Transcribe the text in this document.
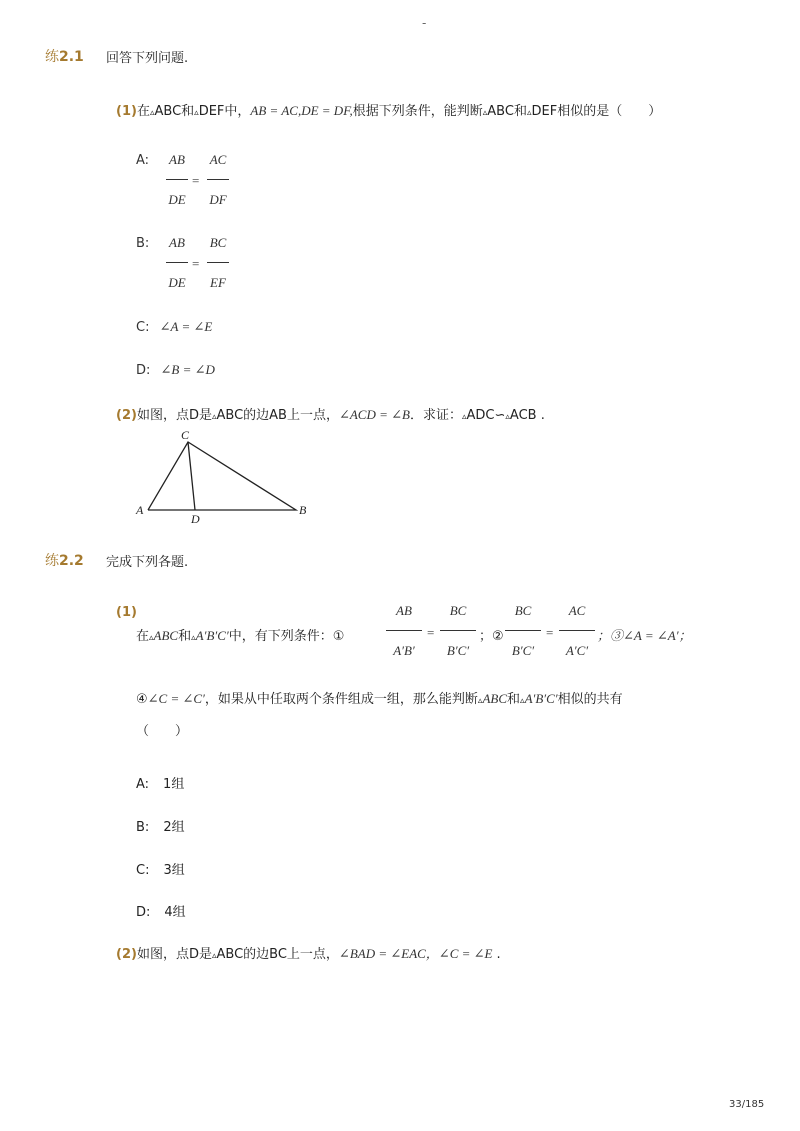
-
练2.1 回答下列问题.
(1)在▵ABC和▵DEF中，AB = AC,DE = DF,根据下列条件，能判断▵ABC和▵DEF相似的是（　　）
A: AB
DE
=
AC
DF
B: AB
DE
=
BC
EF
C: ∠A = ∠E
D: ∠B = ∠D
(2)如图，点D是▵ABC的边AB上一点，∠ACD = ∠B．求证：▵ADC∽▵ACB .
C
A
D
B
练2.2 完成下列各题.
(1)
在▵ABC和▵A′B′C′中，有下列条件：①
AB
A′B′
=
BC
B′C′
；②
BC
B′C′
=
AC
A′C′
；③∠A = ∠A′；
④∠C = ∠C′，如果从中任取两个条件组成一组，那么能判断▵ABC和▵A′B′C′相似的共有
（　　）
A: 1组
B: 2组
C: 3组
D: 4组
(2)如图，点D是▵ABC的边BC上一点，∠BAD = ∠EAC，∠C = ∠E .
33/185
